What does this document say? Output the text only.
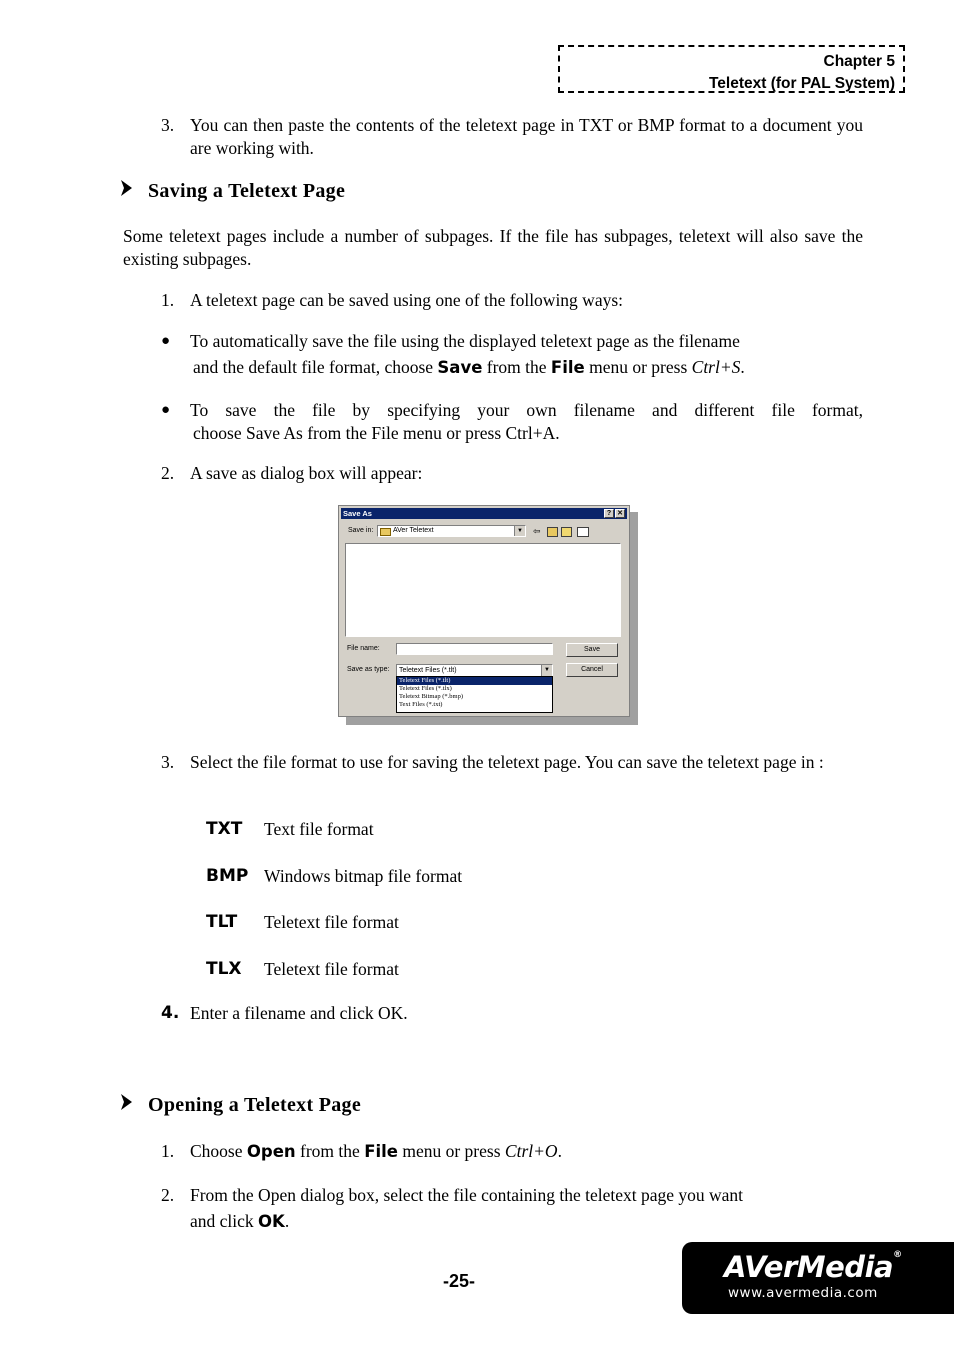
Chapter 5
Teletext (for PAL System)
3. You can then paste the contents of the teletext page in TXT or BMP format to a document you are working with.
Saving a Teletext Page
Some teletext pages include a number of subpages. If the file has subpages, teletext will also save the existing subpages.
1. A teletext page can be saved using one of the following ways:
●	To automatically save the file using the displayed teletext page as the filename
and the default file format, choose Save from the File menu or press Ctrl+S.
●	To save the file by specifying your own filename and different file format,
choose Save As from the File menu or press Ctrl+A.
2. A save as dialog box will appear:
Save As	? ✕
Save in:	AVer Teletext	▼ ⇦
File name:	Save
Save as type: Teletext Files (*.tlt)	▼	Cancel
Teletext Files (*.tlt)
Teletext Files (*.tlx)
Teletext Bitmap (*.bmp)
Text Files (*.txt)
3. Select the file format to use for saving the teletext page. You can save the teletext page in :
TXT Text file format
BMP Windows bitmap file format
TLT Teletext file format
TLX Teletext file format
4. Enter a filename and click OK.
Opening a Teletext Page
1. Choose Open from the File menu or press Ctrl+O.
2. From the Open dialog box, select the file containing the teletext page you want
and click OK.
-25-	AVerMedia®
www.avermedia.com
